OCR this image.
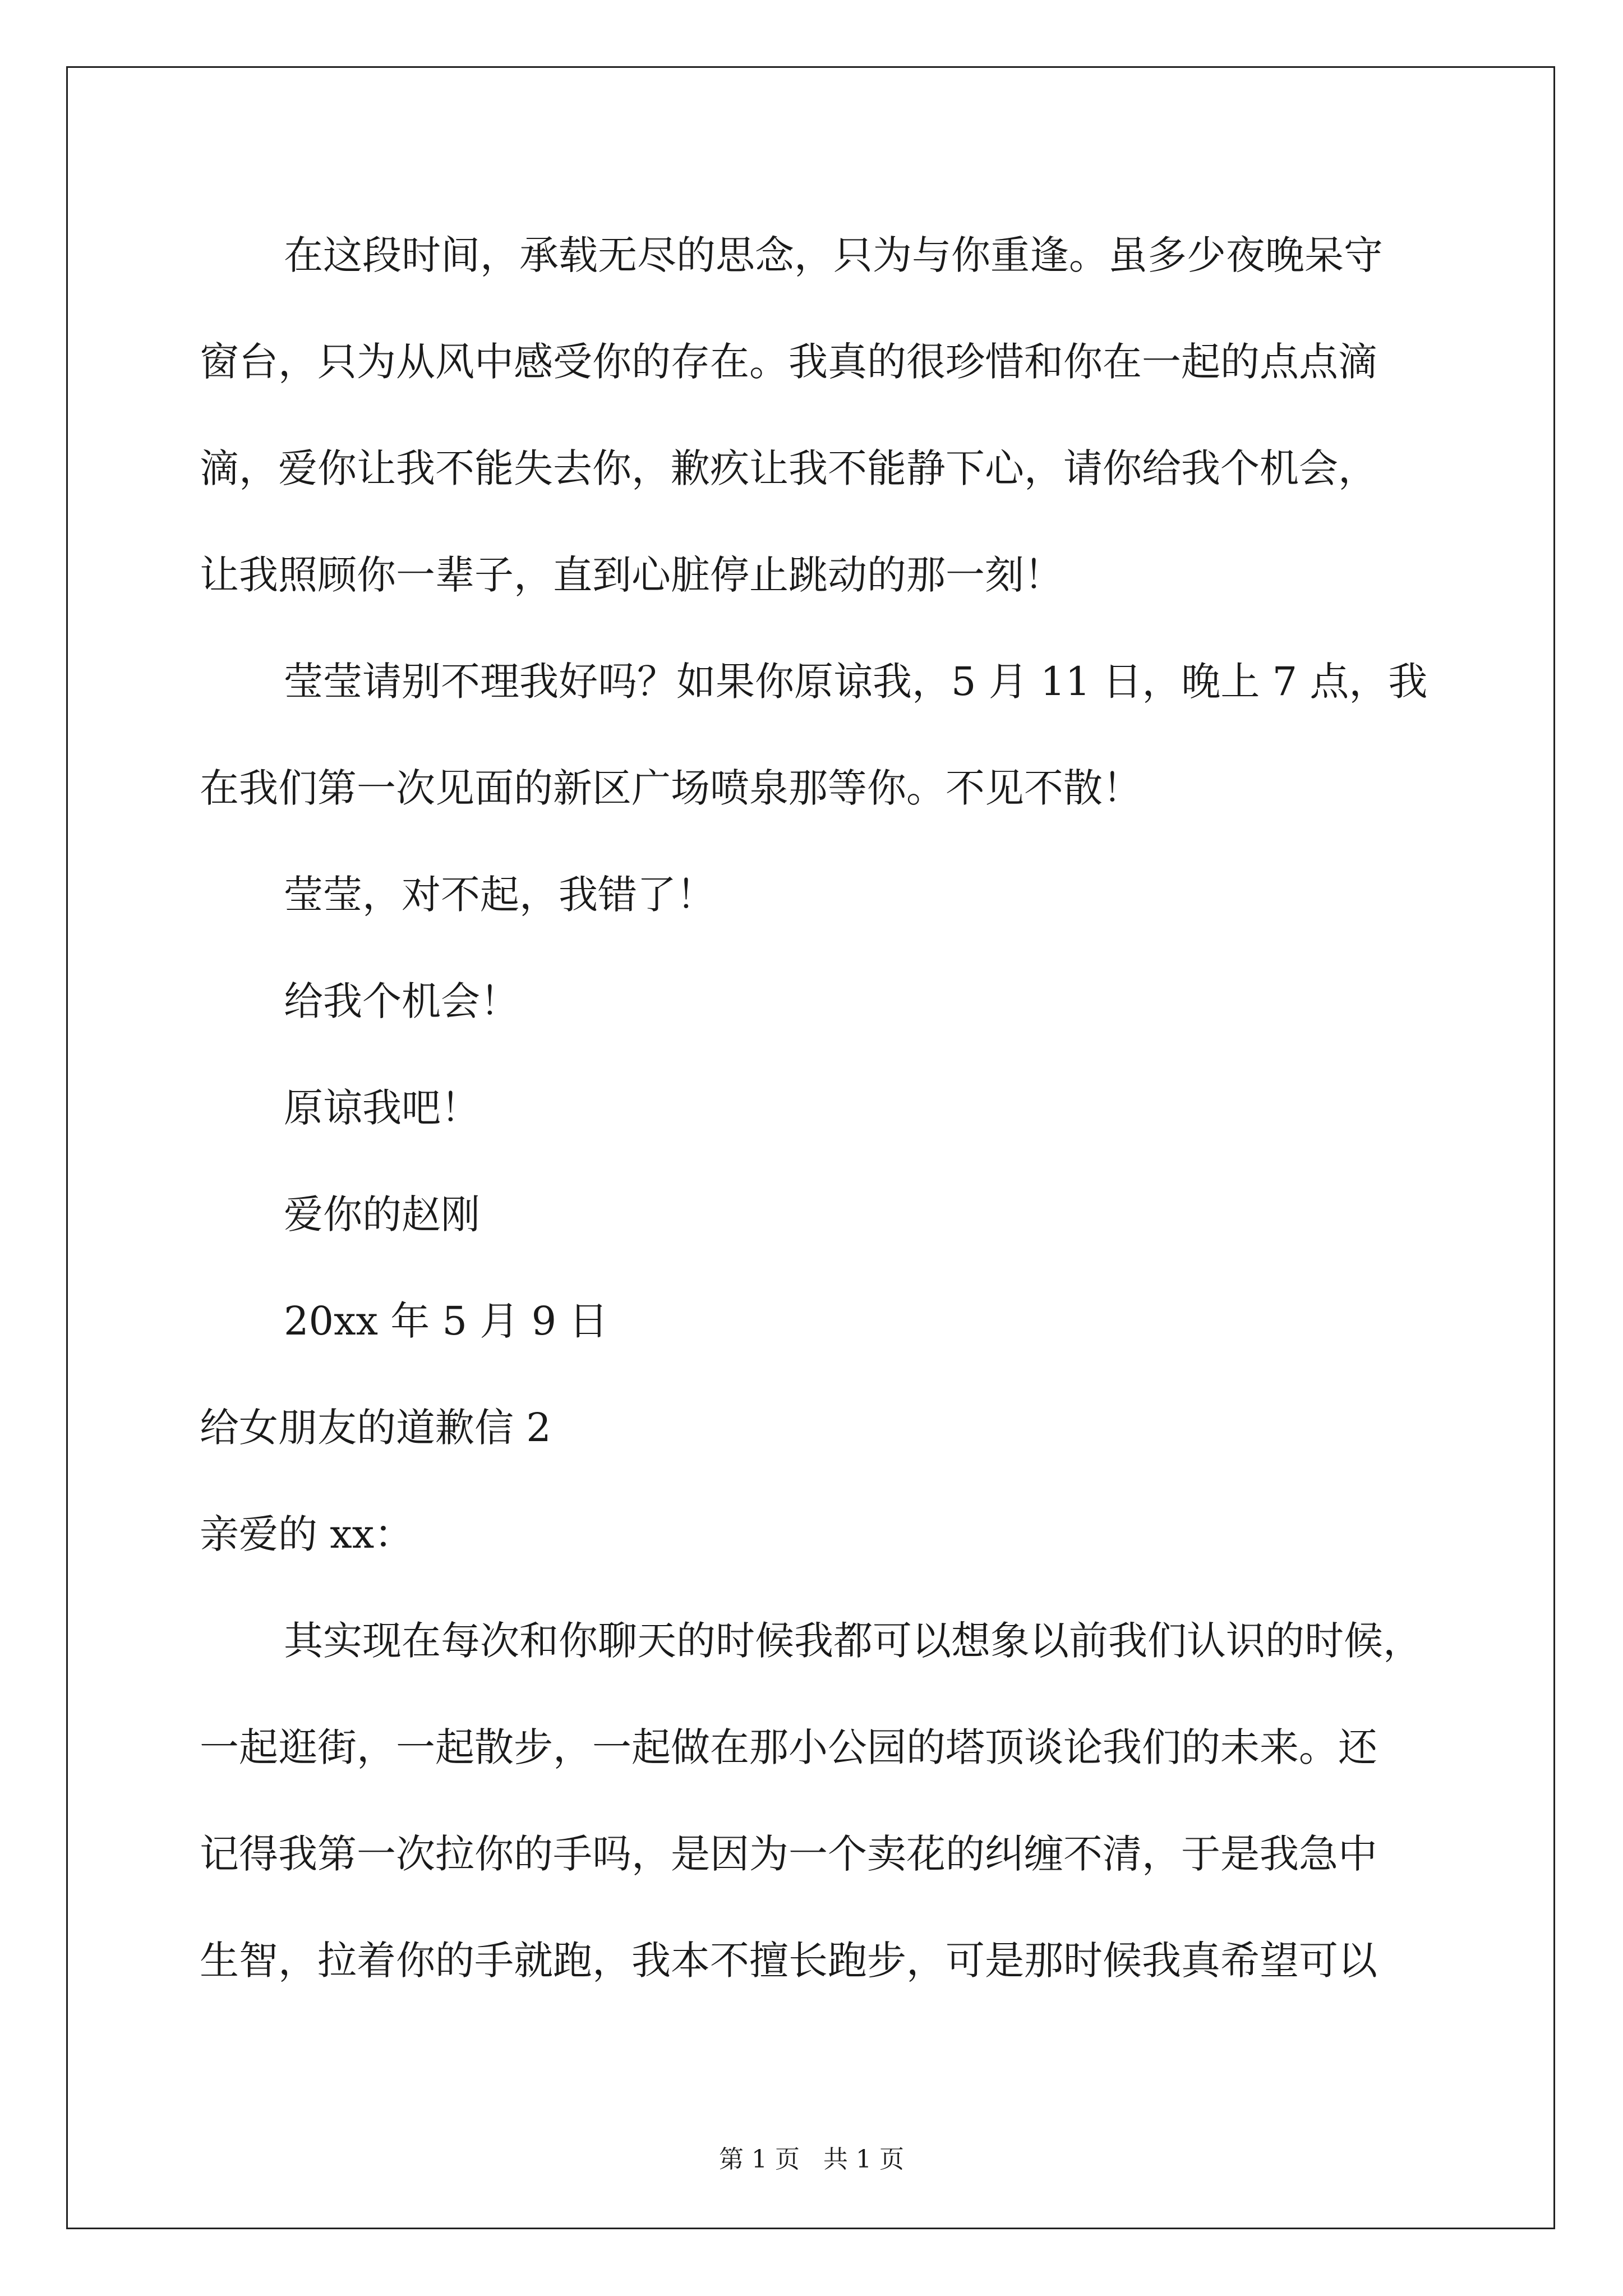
在这段时间，承载无尽的思念，只为与你重逢。虽多少夜晚呆守
窗台，只为从风中感受你的存在。我真的很珍惜和你在一起的点点滴
滴，爱你让我不能失去你，歉疚让我不能静下心，请你给我个机会，
让我照顾你一辈子，直到心脏停止跳动的那一刻！
莹莹请别不理我好吗？如果你原谅我，5 月 11 日，晚上 7 点，我
在我们第一次见面的新区广场喷泉那等你。不见不散！
莹莹，对不起，我错了！
给我个机会！
原谅我吧！
爱你的赵刚
20xx 年 5 月 9 日
给女朋友的道歉信 2
亲爱的 xx：
其实现在每次和你聊天的时候我都可以想象以前我们认识的时候，
一起逛街，一起散步，一起做在那小公园的塔顶谈论我们的未来。还
记得我第一次拉你的手吗，是因为一个卖花的纠缠不清，于是我急中
生智，拉着你的手就跑，我本不擅长跑步，可是那时候我真希望可以
第 1 页   共 1 页
